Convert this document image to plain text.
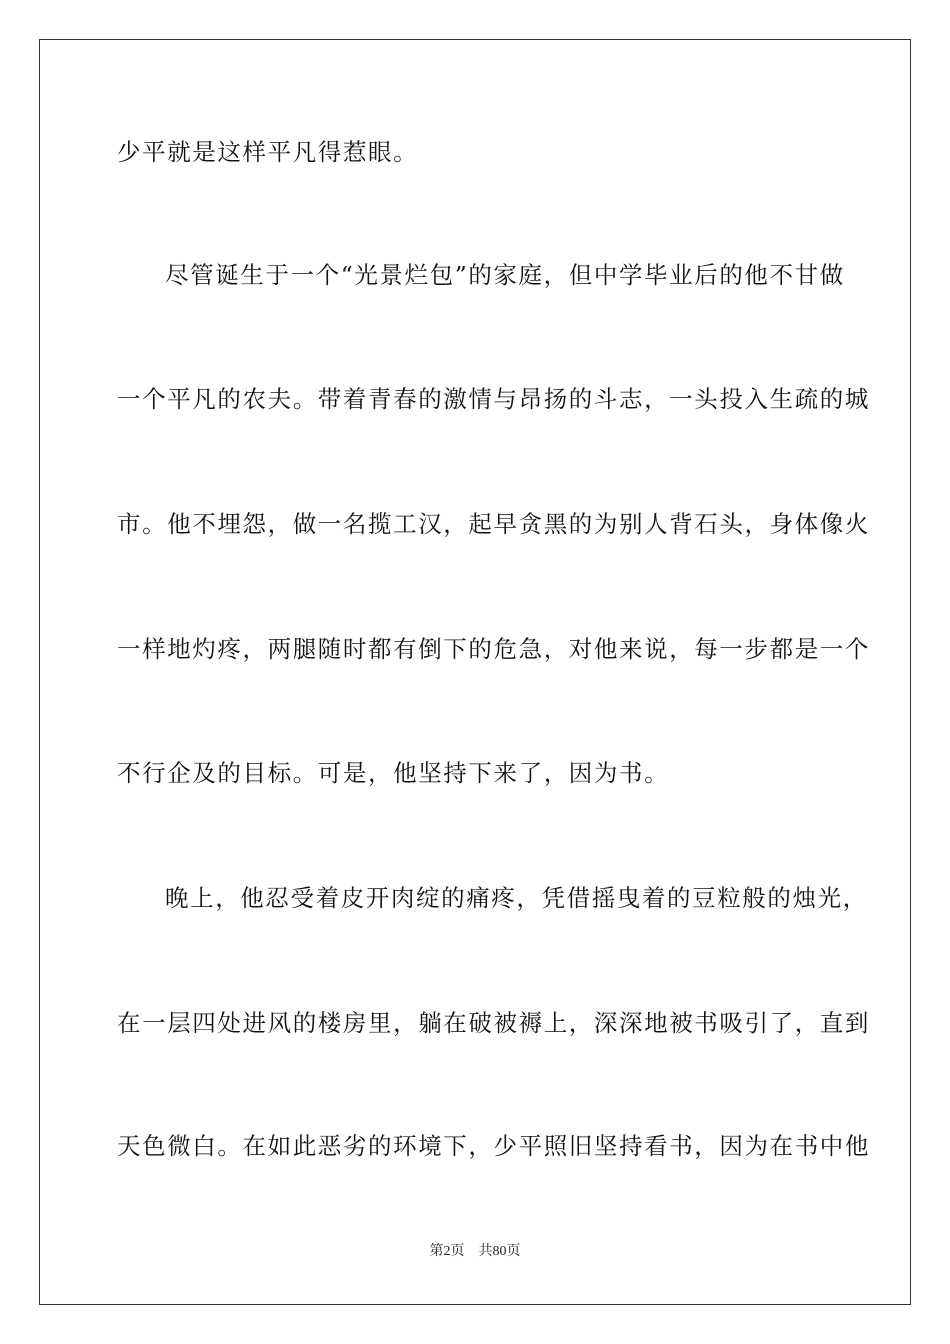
少平就是这样平凡得惹眼。
尽管诞生于一个“光景烂包”的家庭，但中学毕业后的他不甘做
一个平凡的农夫。带着青春的激情与昂扬的斗志，一头投入生疏的城
市。他不埋怨，做一名揽工汉，起早贪黑的为别人背石头，身体像火
一样地灼疼，两腿随时都有倒下的危急，对他来说，每一步都是一个
不行企及的目标。可是，他坚持下来了，因为书。
晚上，他忍受着皮开肉绽的痛疼，凭借摇曳着的豆粒般的烛光，
在一层四处进风的楼房里，躺在破被褥上，深深地被书吸引了，直到
天色微白。在如此恶劣的环境下，少平照旧坚持看书，因为在书中他
第2页 共80页
